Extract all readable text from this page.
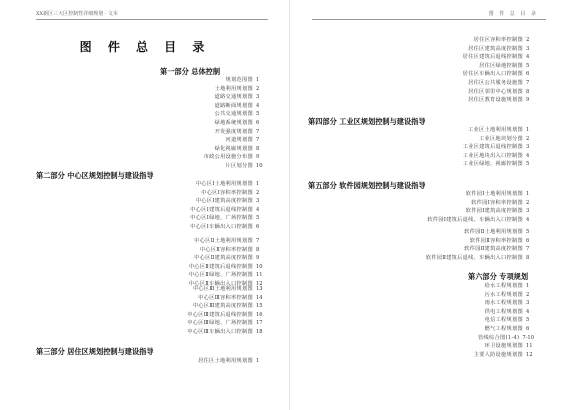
XX新区三大区控制性详细规划 · 文本
图 件 总 目 录
第一部分 总体控制
规划范围图 1
土地利用规划图 2
道路交通规划图 3
道路断面规划图 4
公共交通规划图 5
绿地系统规划图 6
开发强度规划图 7
河道规划图 7
绿化视廊规划图 8
市政公用设施分布图 9
片区划分图 10
第二部分 中心区规划控制与建设指导
中心区Ⅰ土地利用规划图 1
中心区Ⅰ容积率控制图 2
中心区Ⅰ建筑高度控制图 3
中心区Ⅰ建筑后退线控制图 4
中心区Ⅰ绿地、广场控制图 5
中心区Ⅰ车辆出入口控制图 6
中心区Ⅱ土地利用规划图 7
中心区Ⅱ容积率控制图 8
中心区Ⅱ建筑高度控制图 9
中心区Ⅱ建筑后退线控制图 10
中心区Ⅱ绿地、广场控制图 11
中心区Ⅱ车辆出入口控制图 12
中心区Ⅲ土地利用规划图 13
中心区Ⅲ容积率控制图 14
中心区Ⅲ建筑高度控制图 15
中心区Ⅲ建筑后退线控制图 16
中心区Ⅲ绿地、广场控制图 17
中心区Ⅲ车辆出入口控制图 18
第三部分 居住区规划控制与建设指导
居住区土地利用规划图 1
图 件 总 目 录
居住区容积率控制图 2
居住区建筑高度控制图 3
居住区建筑后退线控制图 4
居住区绿地控制图 5
居住区车辆出入口控制图 6
居住区公共服务设施图 7
居住区邻里中心规划图 8
居住区教育设施规划图 9
第四部分 工业区规划控制与建设指导
工业区土地利用规划图 1
工业区地块划分图 2
工业区建筑后退线控制图 3
工业区地块出入口控制图 4
工业区绿地、视廊控制图 5
第五部分 软件园规划控制与建设指导
软件园Ⅰ土地利用规划图 1
软件园Ⅰ容积率控制图 2
软件园Ⅰ建筑高度控制图 3
软件园Ⅰ建筑后退线、车辆出入口控制图 4
软件园Ⅱ土地利用规划图 5
软件园Ⅱ容积率控制图 6
软件园Ⅱ建筑高度控制图 7
软件园Ⅱ建筑后退线、车辆出入口控制图 8
第六部分 专项规划
给水工程规划图 1
污水工程规划图 2
雨水工程规划图 3
供电工程规划图 4
电信工程规划图 5
燃气工程规划图 6
管线综合图(1-4) 7-10
环卫设施规划图 11
主要人防设施规划图 12
